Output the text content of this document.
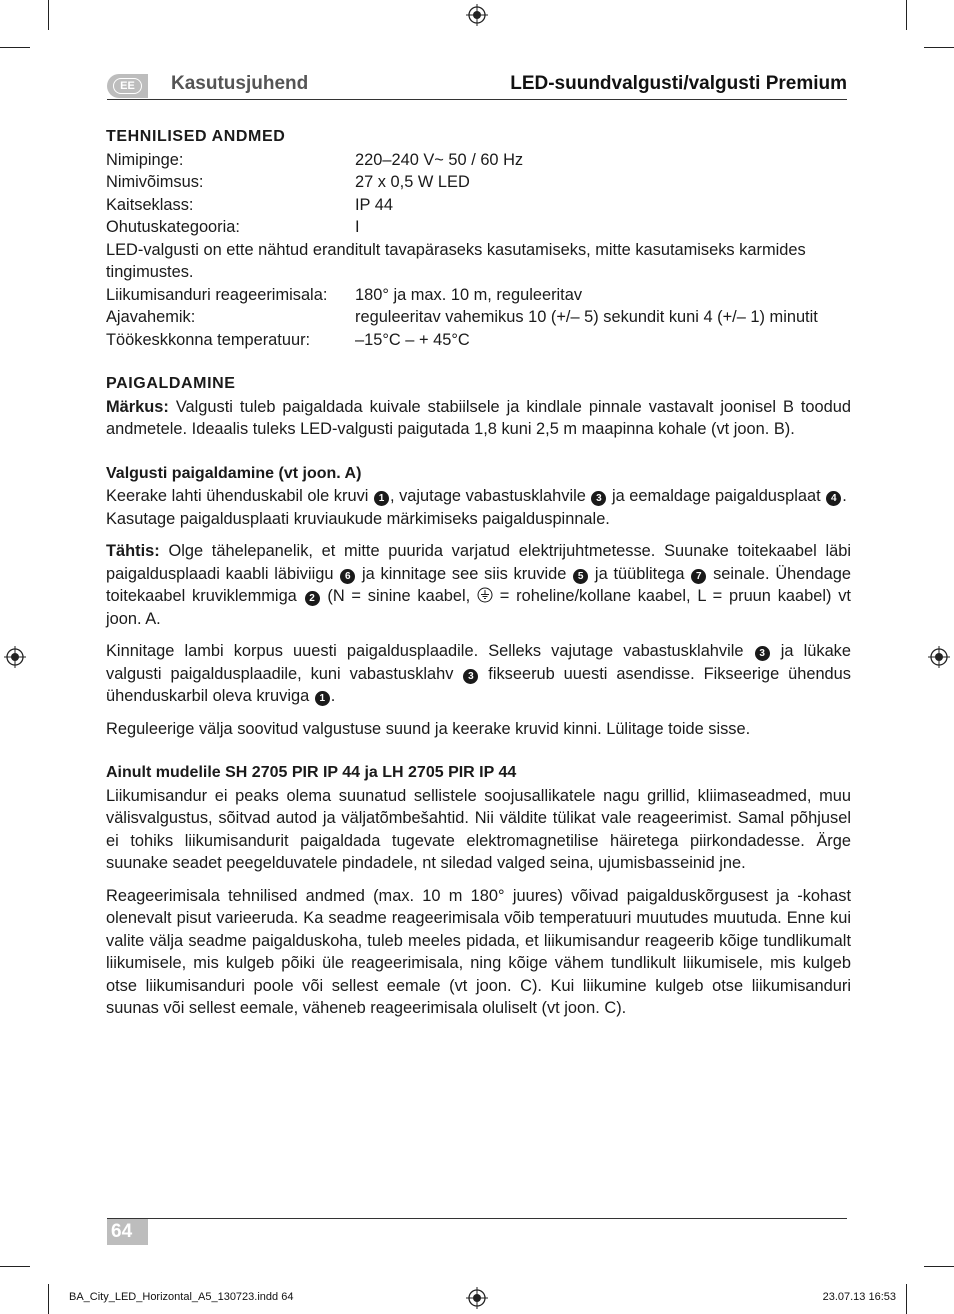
EE	Kasutusjuhend	LED-suundvalgusti/valgusti Premium
TEHNILISED ANDMED
Nimipinge:	220–240 V~ 50 / 60 Hz
Nimivõimsus:	27 x 0,5 W LED
Kaitseklass:	IP 44
Ohutuskategooria:	I

LED-valgusti on ette nähtud eranditult tavapäraseks kasutamiseks, mitte kasutamiseks karmides tingimustes.

Liikumisanduri reageerimisala:	180° ja max. 10 m, reguleeritav
Ajavahemik:	reguleeritav vahemikus 10 (+/– 5) sekundit kuni 4 (+/– 1) minutit
Töökeskkonna temperatuur:	–15°C – + 45°C
PAIGALDAMINE

Märkus: Valgusti tuleb paigaldada kuivale stabiilsele ja kindlale pinnale vastavalt joonisel B toodud andmetele. Ideaalis tuleks LED-valgusti paigutada 1,8 kuni 2,5 m maapinna kohale (vt joon. B).

Valgusti paigaldamine (vt joon. A)

Keerake lahti ühenduskabil ole kruvi 1 , vajutage vabastusklahvile 3 ja eemaldage paigaldusplaat 4 . Kasutage paigaldusplaati kruviaukude märkimiseks paigalduspinnale.

Tähtis: Olge tähelepanelik, et mitte puurida varjatud elektrijuhtmetesse. Suunake toitekaabel läbi paigaldusplaadi kaabli läbiviigu 6 ja kinnitage see siis kruvide 5 ja tüüblitega 7 seinale. Ühendage toitekaabel kruviklemmiga 2 (N = sinine kaabel,  = roheline/kollane kaabel, L = pruun kaabel) vt joon. A.

Kinnitage lambi korpus uuesti paigaldusplaadile. Selleks vajutage vabastusklahvile 3 ja lükake valgusti paigaldusplaadile, kuni vabastusklahv 3 fikseerub uuesti asendisse. Fikseerige ühendus ühenduskarbil oleva kruviga 1 .

Reguleerige välja soovitud valgustuse suund ja keerake kruvid kinni. Lülitage toide sisse.

Ainult mudelile SH 2705 PIR IP 44 ja LH 2705 PIR IP 44

Liikumisandur ei peaks olema suunatud sellistele soojusallikatele nagu grillid, kliimaseadmed, muu välisvalgustus, sõitvad autod ja väljatõmbešahtid. Nii väldite tülikat vale reageerimist. Samal põhjusel ei tohiks liikumisandurit paigaldada tugevate elektromagnetilise häiretega piirkondadesse. Ärge suunake seadet peegelduvatele pindadele, nt siledad valged seina, ujumisbasseinid jne.

Reageerimisala tehnilised andmed (max. 10 m 180° juures) võivad paigalduskõrgusest ja -kohast olenevalt pisut varieeruda. Ka seadme reageerimisala võib temperatuuri muutudes muutuda. Enne kui valite välja seadme paigalduskoha, tuleb meeles pidada, et liikumisandur reageerib kõige tundlikumalt liikumisele, mis kulgeb põiki üle reageerimisala, ning kõige vähem tundlikult liikumisele, mis kulgeb otse liikumisanduri poole või sellest eemale (vt joon. C). Kui liikumine kulgeb otse liikumisanduri suunas või sellest eemale, väheneb reageerimisala oluliselt (vt joon. C).

64
BA_City_LED_Horizontal_A5_130723.indd 64	23.07.13 16:53
